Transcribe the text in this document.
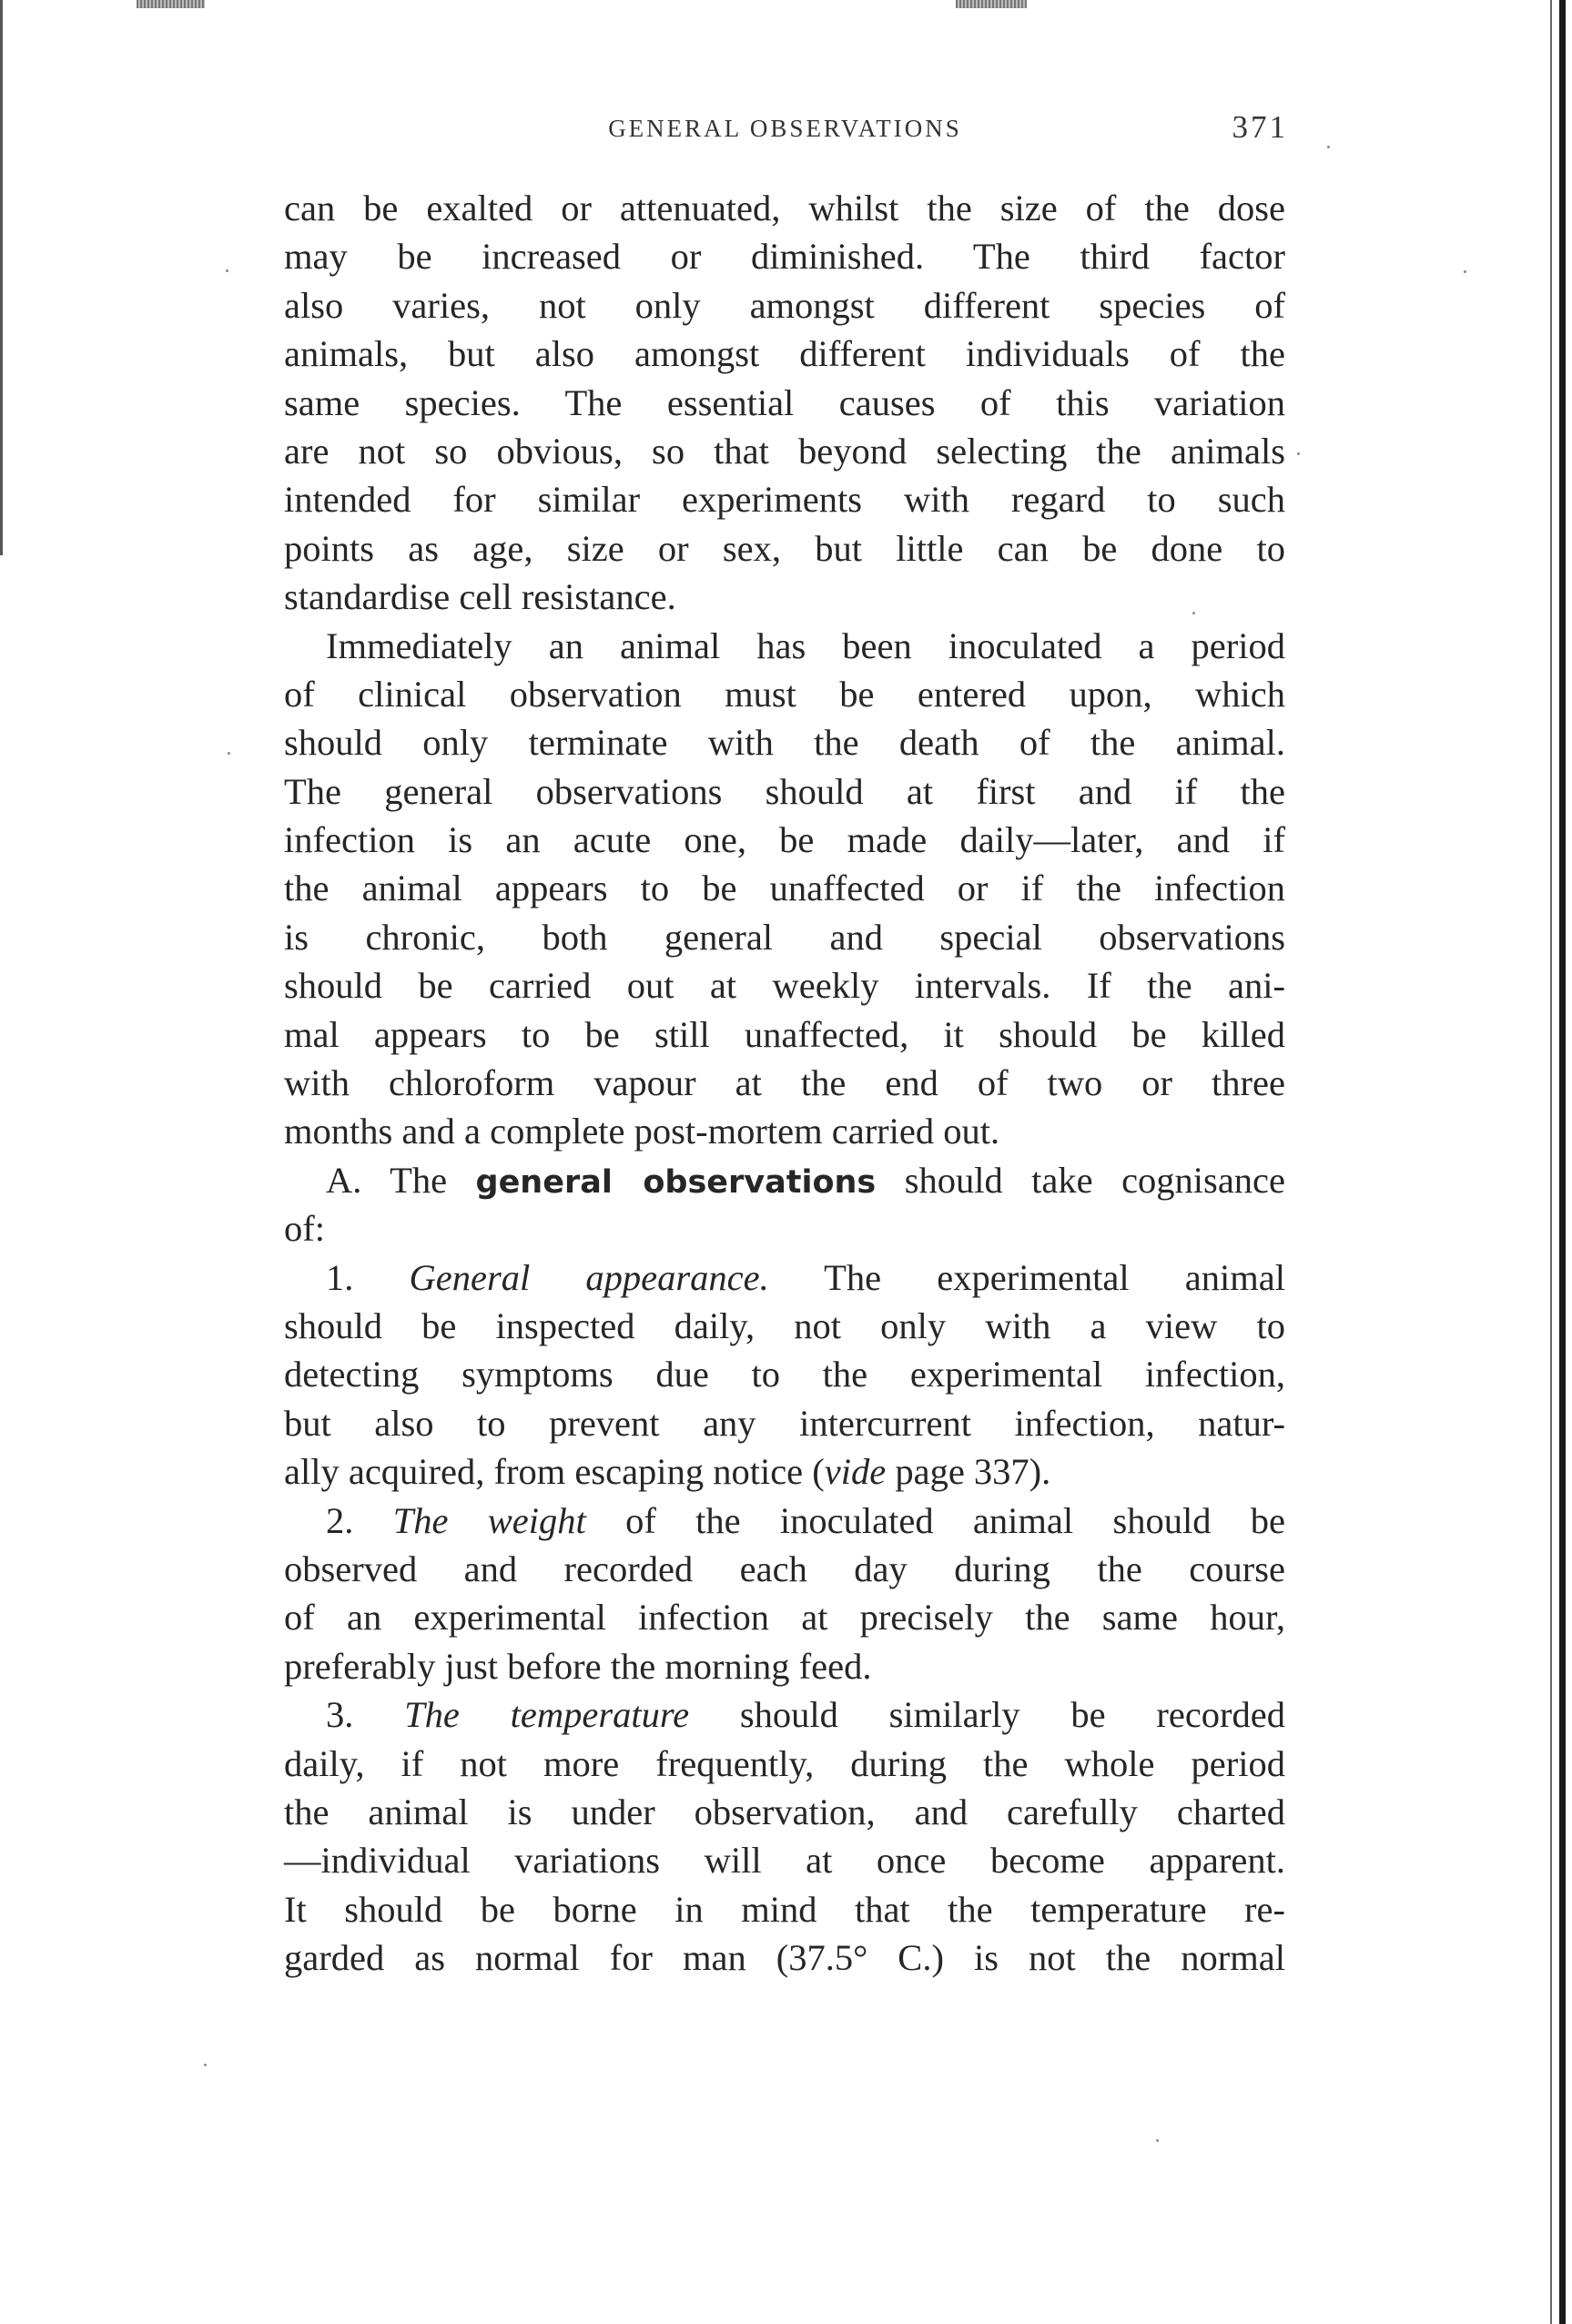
GENERAL OBSERVATIONS	371
can be exalted or attenuated, whilst the size of the dose
may be increased or diminished. The third factor
also varies, not only amongst different species of
animals, but also amongst different individuals of the
same species. The essential causes of this variation
are not so obvious, so that beyond selecting the animals
intended for similar experiments with regard to such
points as age, size or sex, but little can be done to
standardise cell resistance.
Immediately an animal has been inoculated a period
of clinical observation must be entered upon, which
should only terminate with the death of the animal.
The general observations should at first and if the
infection is an acute one, be made daily—later, and if
the animal appears to be unaffected or if the infection
is chronic, both general and special observations
should be carried out at weekly intervals. If the ani-
mal appears to be still unaffected, it should be killed
with chloroform vapour at the end of two or three
months and a complete post-mortem carried out.
A. The general observations should take cognisance
of:
1. General appearance. The experimental animal
should be inspected daily, not only with a view to
detecting symptoms due to the experimental infection,
but also to prevent any intercurrent infection, natur-
ally acquired, from escaping notice (vide page 337).
2. The weight of the inoculated animal should be
observed and recorded each day during the course
of an experimental infection at precisely the same hour,
preferably just before the morning feed.
3. The temperature should similarly be recorded
daily, if not more frequently, during the whole period
the animal is under observation, and carefully charted
—individual variations will at once become apparent.
It should be borne in mind that the temperature re-
garded as normal for man (37.5° C.) is not the normal
